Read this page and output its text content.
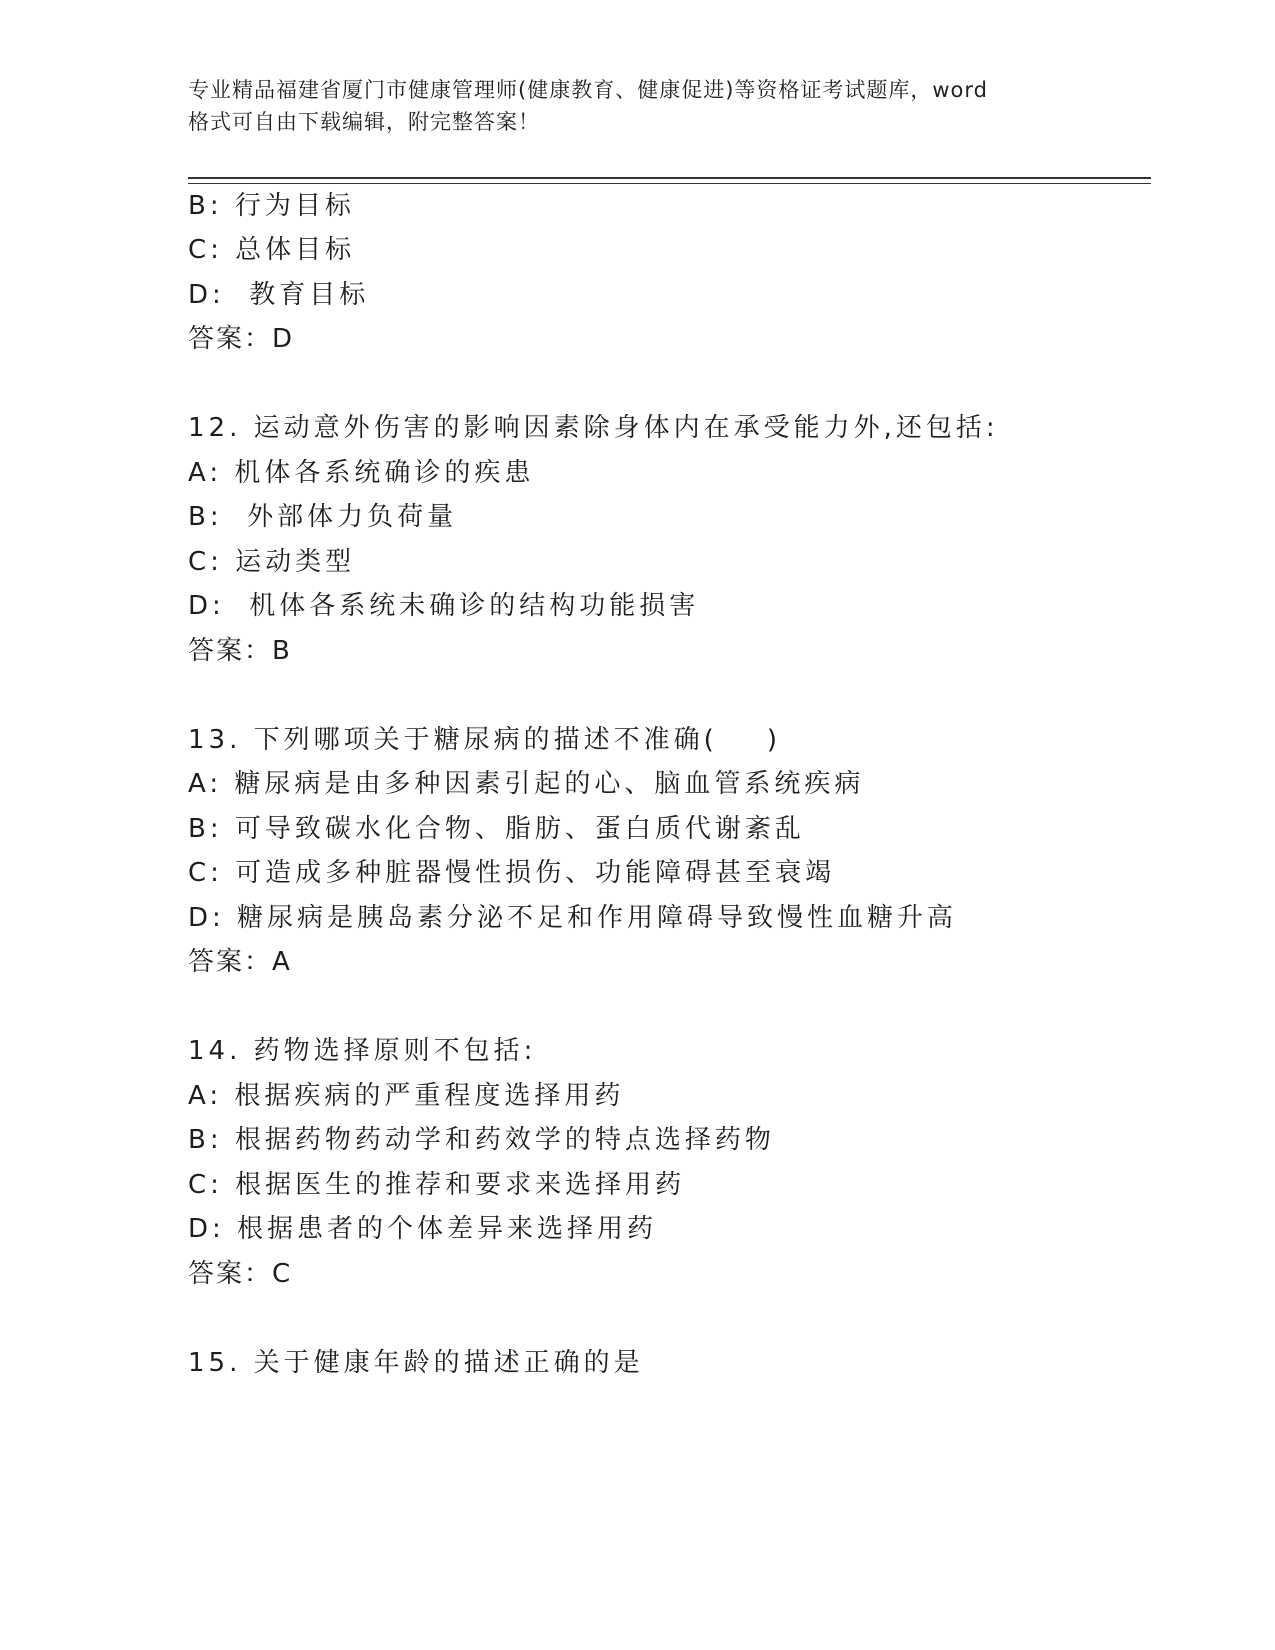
专业精品福建省厦门市健康管理师(健康教育、健康促进)等资格证考试题库，word
格式可自由下载编辑，附完整答案！
B: 行为目标
C: 总体目标
D:  教育目标
答案：D
12. 运动意外伤害的影响因素除身体内在承受能力外,还包括:
A: 机体各系统确诊的疾患
B:  外部体力负荷量
C: 运动类型
D:  机体各系统未确诊的结构功能损害
答案：B
13. 下列哪项关于糖尿病的描述不准确(    )
A: 糖尿病是由多种因素引起的心、脑血管系统疾病
B: 可导致碳水化合物、脂肪、蛋白质代谢紊乱
C: 可造成多种脏器慢性损伤、功能障碍甚至衰竭
D: 糖尿病是胰岛素分泌不足和作用障碍导致慢性血糖升高
答案：A
14. 药物选择原则不包括:
A: 根据疾病的严重程度选择用药
B: 根据药物药动学和药效学的特点选择药物
C: 根据医生的推荐和要求来选择用药
D: 根据患者的个体差异来选择用药
答案：C
15. 关于健康年龄的描述正确的是
